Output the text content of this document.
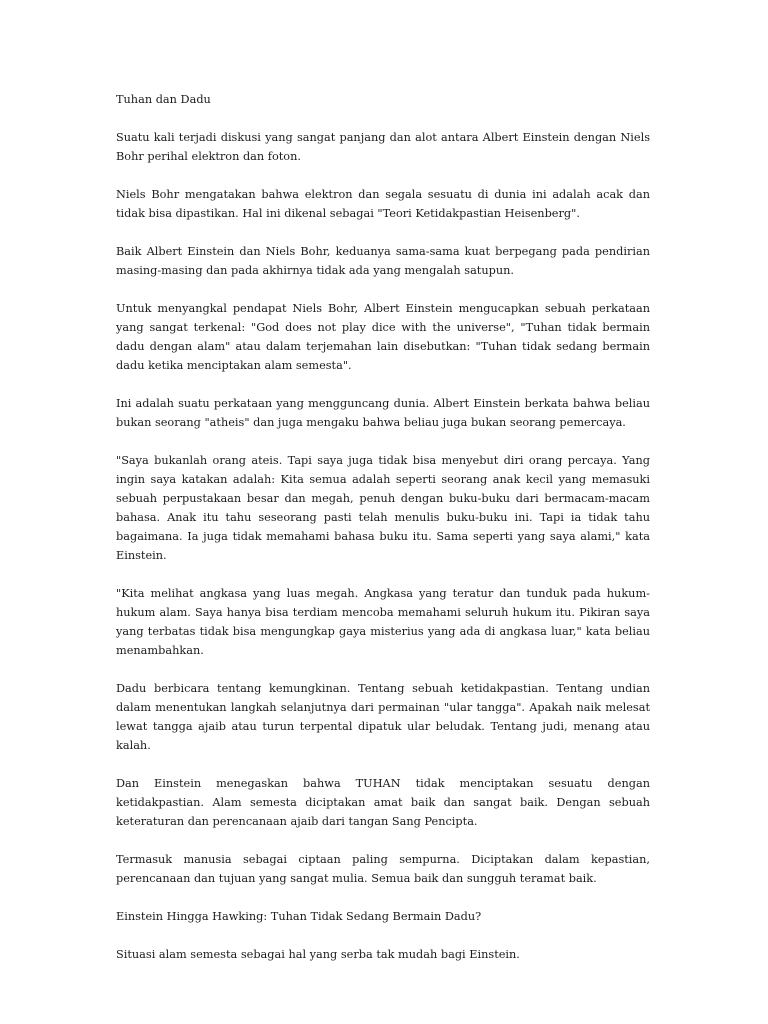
Tuhan dan Dadu

Suatu kali terjadi diskusi yang sangat panjang dan alot antara Albert Einstein dengan Niels Bohr perihal elektron dan foton.

Niels Bohr mengatakan bahwa elektron dan segala sesuatu di dunia ini adalah acak dan tidak bisa dipastikan. Hal ini dikenal sebagai "Teori Ketidakpastian Heisenberg".

Baik Albert Einstein dan Niels Bohr, keduanya sama-sama kuat berpegang pada pendirian masing-masing dan pada akhirnya tidak ada yang mengalah satupun.

Untuk menyangkal pendapat Niels Bohr, Albert Einstein mengucapkan sebuah perkataan yang sangat terkenal: "God does not play dice with the universe", "Tuhan tidak bermain dadu dengan alam" atau dalam terjemahan lain disebutkan: "Tuhan tidak sedang bermain dadu ketika menciptakan alam semesta".

Ini adalah suatu perkataan yang mengguncang dunia. Albert Einstein berkata bahwa beliau bukan seorang "atheis" dan juga mengaku bahwa beliau juga bukan seorang pemercaya.

"Saya bukanlah orang ateis. Tapi saya juga tidak bisa menyebut diri orang percaya. Yang ingin saya katakan adalah: Kita semua adalah seperti seorang anak kecil yang memasuki sebuah perpustakaan besar dan megah, penuh dengan buku-buku dari bermacam-macam bahasa. Anak itu tahu seseorang pasti telah menulis buku-buku ini. Tapi ia tidak tahu bagaimana. Ia juga tidak memahami bahasa buku itu. Sama seperti yang saya alami," kata Einstein.

"Kita melihat angkasa yang luas megah. Angkasa yang teratur dan tunduk pada hukum-hukum alam. Saya hanya bisa terdiam mencoba memahami seluruh hukum itu. Pikiran saya yang terbatas tidak bisa mengungkap gaya misterius yang ada di angkasa luar," kata beliau menambahkan.

Dadu berbicara tentang kemungkinan. Tentang sebuah ketidakpastian. Tentang undian dalam menentukan langkah selanjutnya dari permainan "ular tangga". Apakah naik melesat lewat tangga ajaib atau turun terpental dipatuk ular beludak. Tentang judi, menang atau kalah.

Dan Einstein menegaskan bahwa TUHAN tidak menciptakan sesuatu dengan ketidakpastian. Alam semesta diciptakan amat baik dan sangat baik. Dengan sebuah keteraturan dan perencanaan ajaib dari tangan Sang Pencipta.

Termasuk manusia sebagai ciptaan paling sempurna. Diciptakan dalam kepastian, perencanaan dan tujuan yang sangat mulia. Semua baik dan sungguh teramat baik.

Einstein Hingga Hawking: Tuhan Tidak Sedang Bermain Dadu?

Situasi alam semesta sebagai hal yang serba tak mudah bagi Einstein.
